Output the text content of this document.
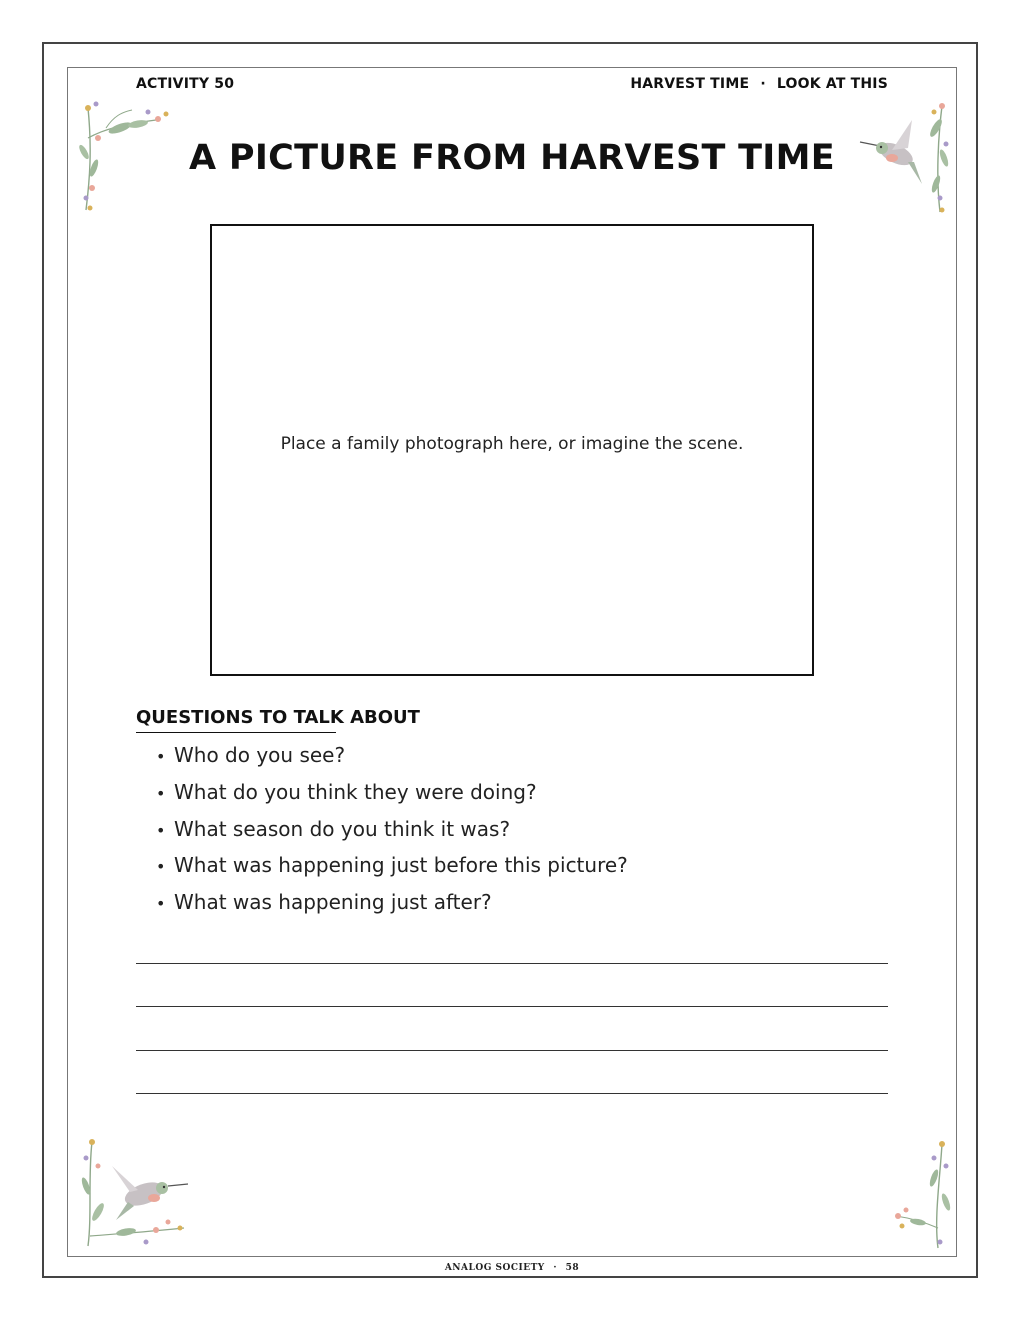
ACTIVITY 50	HARVEST TIME · LOOK AT THIS
A PICTURE FROM HARVEST TIME
Place a family photograph here, or imagine the scene.
QUESTIONS TO TALK ABOUT
• Who do you see?
• What do you think they were doing?
• What season do you think it was?
• What was happening just before this picture?
• What was happening just after?
ANALOG SOCIETY · 58
